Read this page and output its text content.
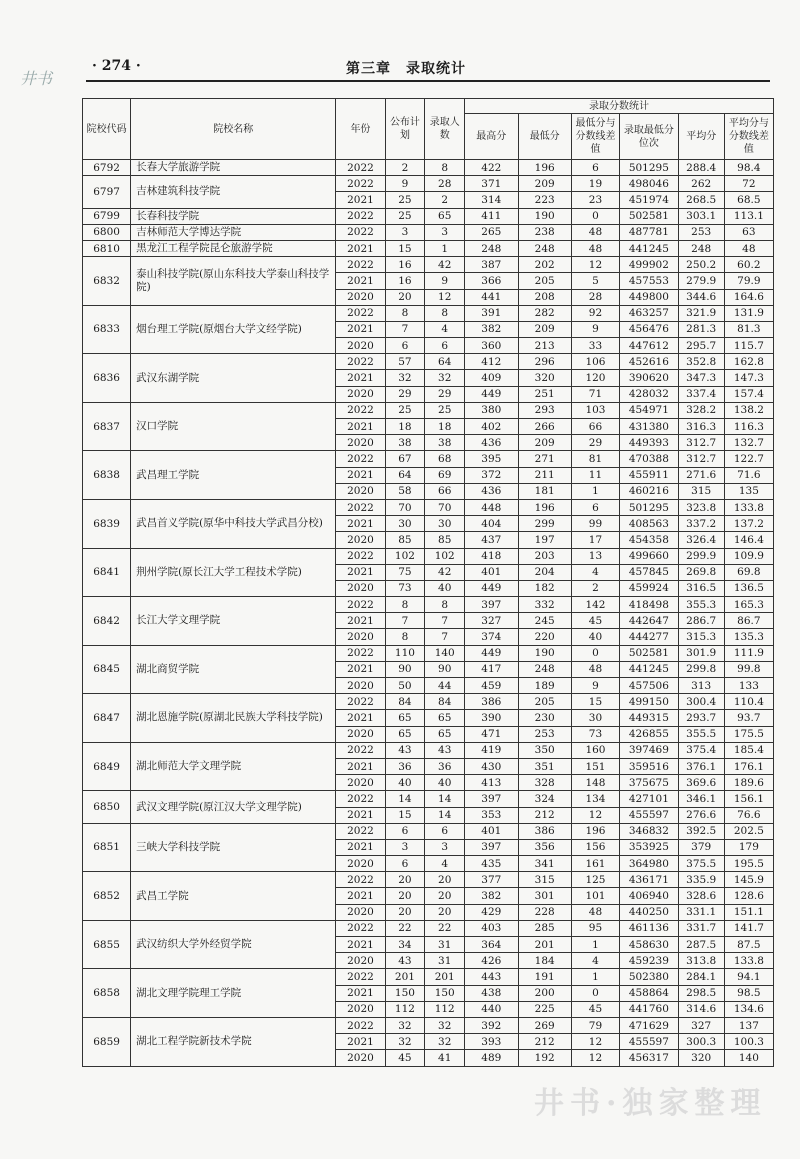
井书
· 274 ·	第三章　录取统计
院校代码	院校名称	年份	公布计划	录取人数	录取分数统计					
					最高分	最低分	最低分与分数线差值	录取最低分位次	平均分	平均分与分数线差值
6792	长春大学旅游学院	2022	2	8	422	196	6	501295	288.4	98.4
6797	吉林建筑科技学院	2022	9	28	371	209	19	498046	262	72
		2021	25	2	314	223	23	451974	268.5	68.5
6799	长春科技学院	2022	25	65	411	190	0	502581	303.1	113.1
6800	吉林师范大学博达学院	2022	3	3	265	238	48	487781	253	63
6810	黑龙江工程学院昆仑旅游学院	2021	15	1	248	248	48	441245	248	48
6832	泰山科技学院(原山东科技大学泰山科技学院)	2022	16	42	387	202	12	499902	250.2	60.2
		2021	16	9	366	205	5	457553	279.9	79.9
		2020	20	12	441	208	28	449800	344.6	164.6
6833	烟台理工学院(原烟台大学文经学院)	2022	8	8	391	282	92	463257	321.9	131.9
		2021	7	4	382	209	9	456476	281.3	81.3
		2020	6	6	360	213	33	447612	295.7	115.7
6836	武汉东湖学院	2022	57	64	412	296	106	452616	352.8	162.8
		2021	32	32	409	320	120	390620	347.3	147.3
		2020	29	29	449	251	71	428032	337.4	157.4
6837	汉口学院	2022	25	25	380	293	103	454971	328.2	138.2
		2021	18	18	402	266	66	431380	316.3	116.3
		2020	38	38	436	209	29	449393	312.7	132.7
6838	武昌理工学院	2022	67	68	395	271	81	470388	312.7	122.7
		2021	64	69	372	211	11	455911	271.6	71.6
		2020	58	66	436	181	1	460216	315	135
6839	武昌首义学院(原华中科技大学武昌分校)	2022	70	70	448	196	6	501295	323.8	133.8
		2021	30	30	404	299	99	408563	337.2	137.2
		2020	85	85	437	197	17	454358	326.4	146.4
6841	荆州学院(原长江大学工程技术学院)	2022	102	102	418	203	13	499660	299.9	109.9
		2021	75	42	401	204	4	457845	269.8	69.8
		2020	73	40	449	182	2	459924	316.5	136.5
6842	长江大学文理学院	2022	8	8	397	332	142	418498	355.3	165.3
		2021	7	7	327	245	45	442647	286.7	86.7
		2020	8	7	374	220	40	444277	315.3	135.3
6845	湖北商贸学院	2022	110	140	449	190	0	502581	301.9	111.9
		2021	90	90	417	248	48	441245	299.8	99.8
		2020	50	44	459	189	9	457506	313	133
6847	湖北恩施学院(原湖北民族大学科技学院)	2022	84	84	386	205	15	499150	300.4	110.4
		2021	65	65	390	230	30	449315	293.7	93.7
		2020	65	65	471	253	73	426855	355.5	175.5
6849	湖北师范大学文理学院	2022	43	43	419	350	160	397469	375.4	185.4
		2021	36	36	430	351	151	359516	376.1	176.1
		2020	40	40	413	328	148	375675	369.6	189.6
6850	武汉文理学院(原江汉大学文理学院)	2022	14	14	397	324	134	427101	346.1	156.1
		2021	15	14	353	212	12	455597	276.6	76.6
6851	三峡大学科技学院	2022	6	6	401	386	196	346832	392.5	202.5
		2021	3	3	397	356	156	353925	379	179
		2020	6	4	435	341	161	364980	375.5	195.5
6852	武昌工学院	2022	20	20	377	315	125	436171	335.9	145.9
		2021	20	20	382	301	101	406940	328.6	128.6
		2020	20	20	429	228	48	440250	331.1	151.1
6855	武汉纺织大学外经贸学院	2022	22	22	403	285	95	461136	331.7	141.7
		2021	34	31	364	201	1	458630	287.5	87.5
		2020	43	31	426	184	4	459239	313.8	133.8
6858	湖北文理学院理工学院	2022	201	201	443	191	1	502380	284.1	94.1
		2021	150	150	438	200	0	458864	298.5	98.5
		2020	112	112	440	225	45	441760	314.6	134.6
6859	湖北工程学院新技术学院	2022	32	32	392	269	79	471629	327	137
		2021	32	32	393	212	12	455597	300.3	100.3
		2020	45	41	489	192	12	456317	320	140
井书·独家整理
